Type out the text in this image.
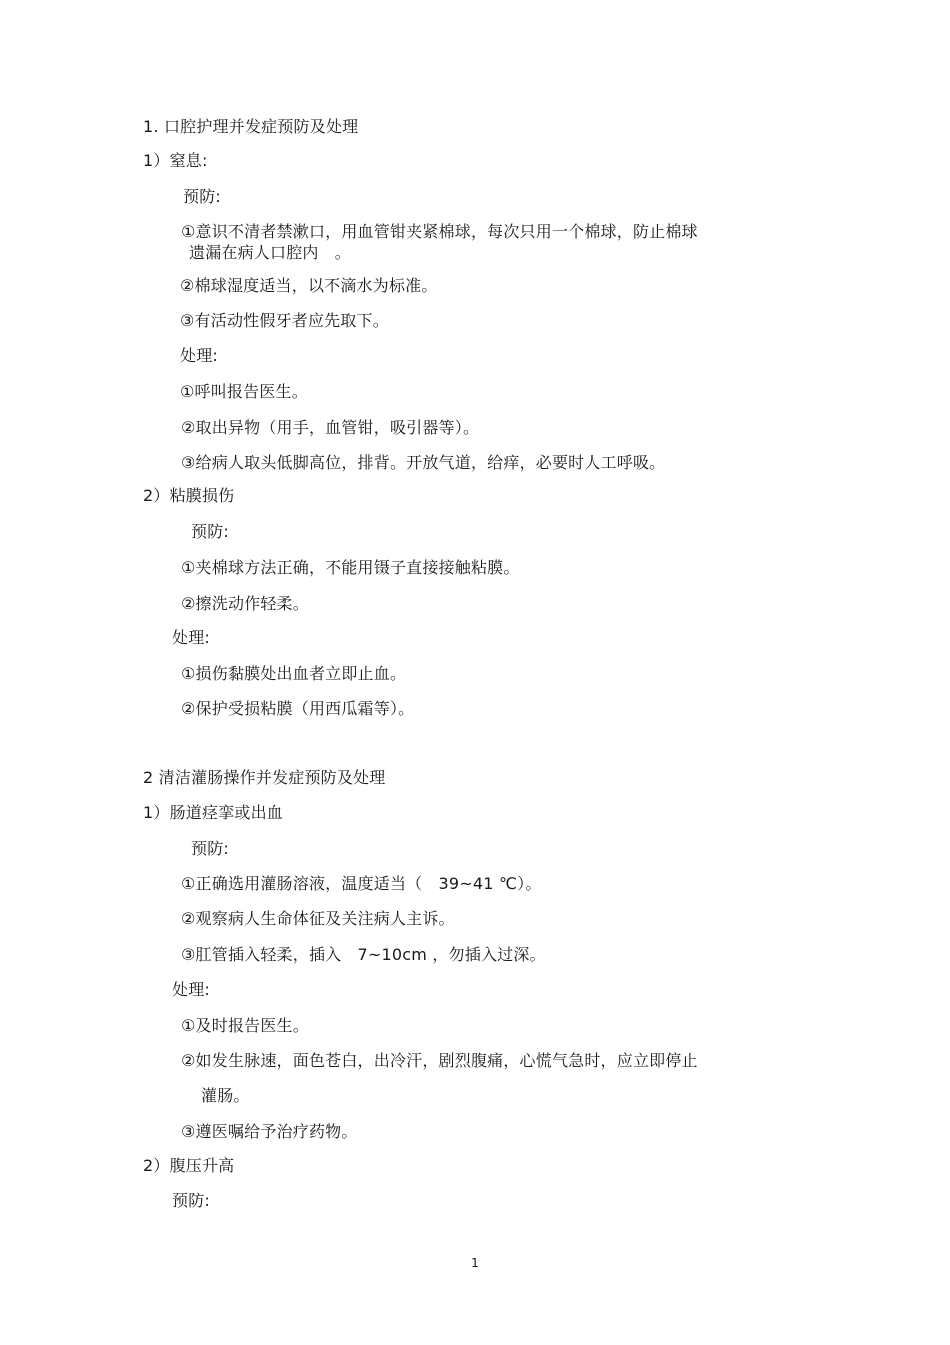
1. 口腔护理并发症预防及处理
1）窒息:
预防:
①意识不清者禁漱口，用血管钳夹紧棉球，每次只用一个棉球，防止棉球
遗漏在病人口腔内　。
②棉球湿度适当，以不滴水为标准。
③有活动性假牙者应先取下。
处理:
①呼叫报告医生。
②取出异物（用手，血管钳，吸引器等）。
③给病人取头低脚高位，排背。开放气道，给痒，必要时人工呼吸。
2）粘膜损伤
预防:
①夹棉球方法正确，不能用镊子直接接触粘膜。
②擦洗动作轻柔。
处理:
①损伤黏膜处出血者立即止血。
②保护受损粘膜（用西瓜霜等）。
2 清洁灌肠操作并发症预防及处理
1）肠道痉挛或出血
预防:
①正确选用灌肠溶液，温度适当（　39~41 ℃）。
②观察病人生命体征及关注病人主诉。
③肛管插入轻柔，插入　7~10cm ，勿插入过深。
处理:
①及时报告医生。
②如发生脉速，面色苍白，出冷汗，剧烈腹痛，心慌气急时，应立即停止
灌肠。
③遵医嘱给予治疗药物。
2）腹压升高
预防:
1
